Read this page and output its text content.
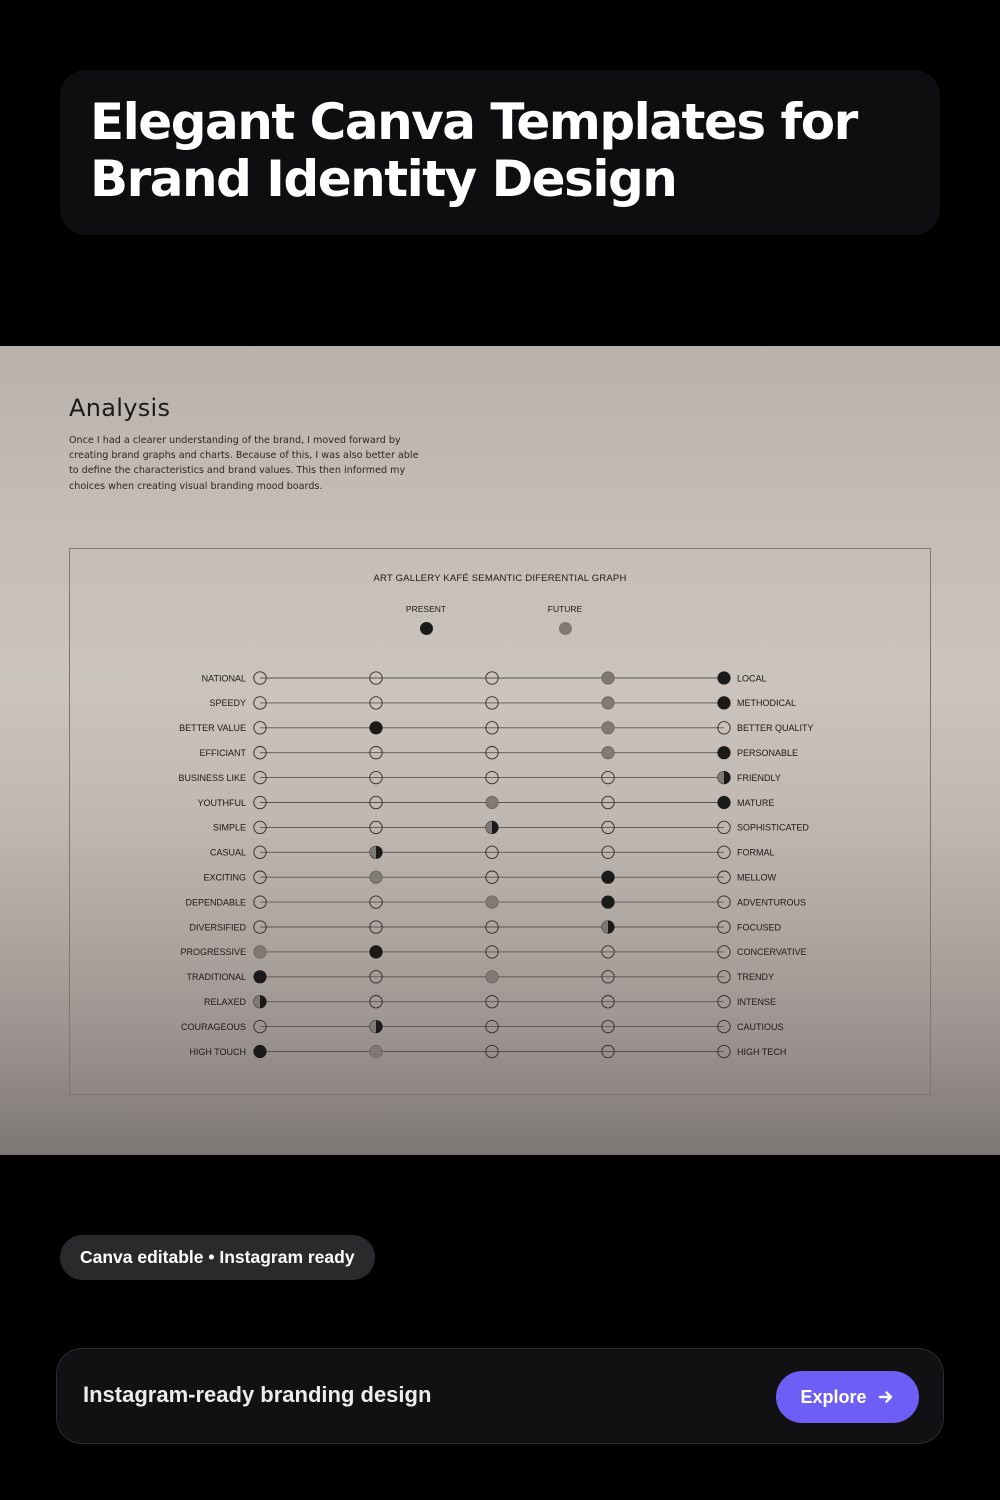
Elegant Canva Templates for Brand Identity Design
Analysis
Once I had a clearer understanding of the brand, I moved forward by creating brand graphs and charts. Because of this, I was also better able to define the characteristics and brand values. This then informed my choices when creating visual branding mood boards.
ART GALLERY KAFÉ SEMANTIC DIFERENTIAL GRAPH
PRESENT	FUTURE
NATIONAL	LOCAL
SPEEDY	METHODICAL
BETTER VALUE	BETTER QUALITY
EFFICIANT	PERSONABLE
BUSINESS LIKE	FRIENDLY
YOUTHFUL	MATURE
SIMPLE	SOPHISTICATED
CASUAL	FORMAL
EXCITING	MELLOW
DEPENDABLE	ADVENTUROUS
DIVERSIFIED	FOCUSED
PROGRESSIVE	CONCERVATIVE
TRADITIONAL	TRENDY
RELAXED	INTENSE
COURAGEOUS	CAUTIOUS
HIGH TOUCH	HIGH TECH
Canva editable • Instagram ready
Instagram-ready branding design	Explore
